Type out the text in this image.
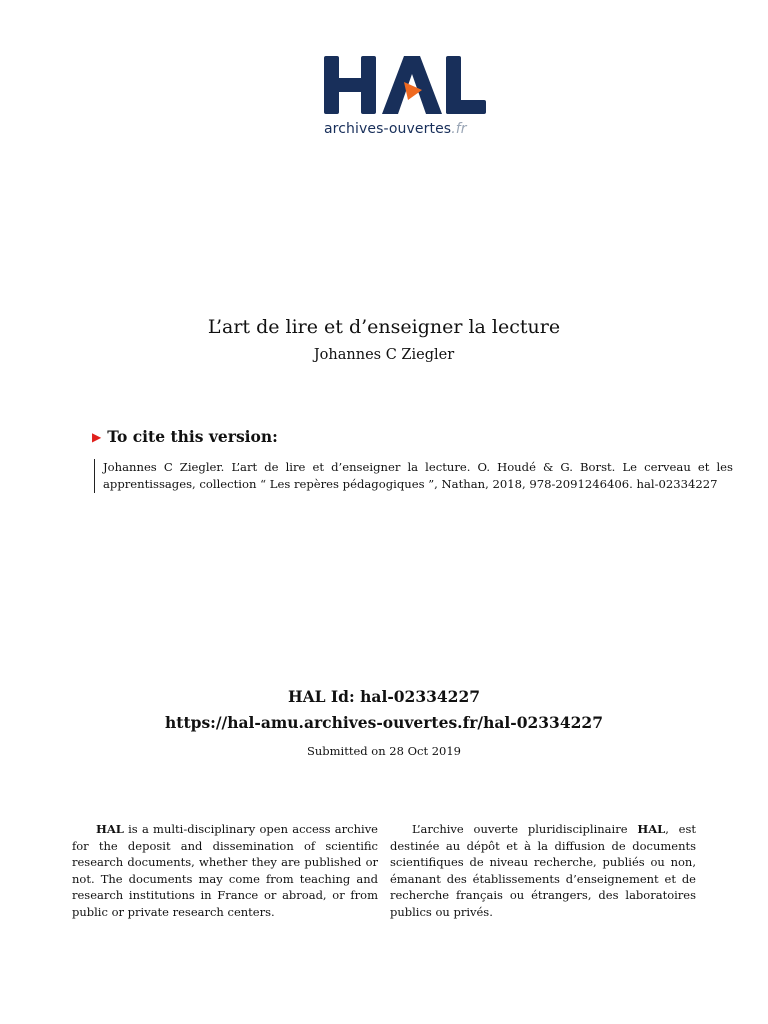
archives-ouvertes.fr
L’art de lire et d’enseigner la lecture
Johannes C Ziegler
▶ To cite this version:
Johannes C Ziegler. L’art de lire et d’enseigner la lecture. O. Houdé & G. Borst. Le cerveau et les apprentissages, collection “ Les repères pédagogiques ”, Nathan, 2018, 978-2091246406. hal-02334227
HAL Id: hal-02334227
https://hal-amu.archives-ouvertes.fr/hal-02334227
Submitted on 28 Oct 2019
HAL is a multi-disciplinary open access archive for the deposit and dissemination of scientific research documents, whether they are published or not. The documents may come from teaching and research institutions in France or abroad, or from public or private research centers.
L’archive ouverte pluridisciplinaire HAL, est destinée au dépôt et à la diffusion de documents scientifiques de niveau recherche, publiés ou non, émanant des établissements d’enseignement et de recherche français ou étrangers, des laboratoires publics ou privés.
